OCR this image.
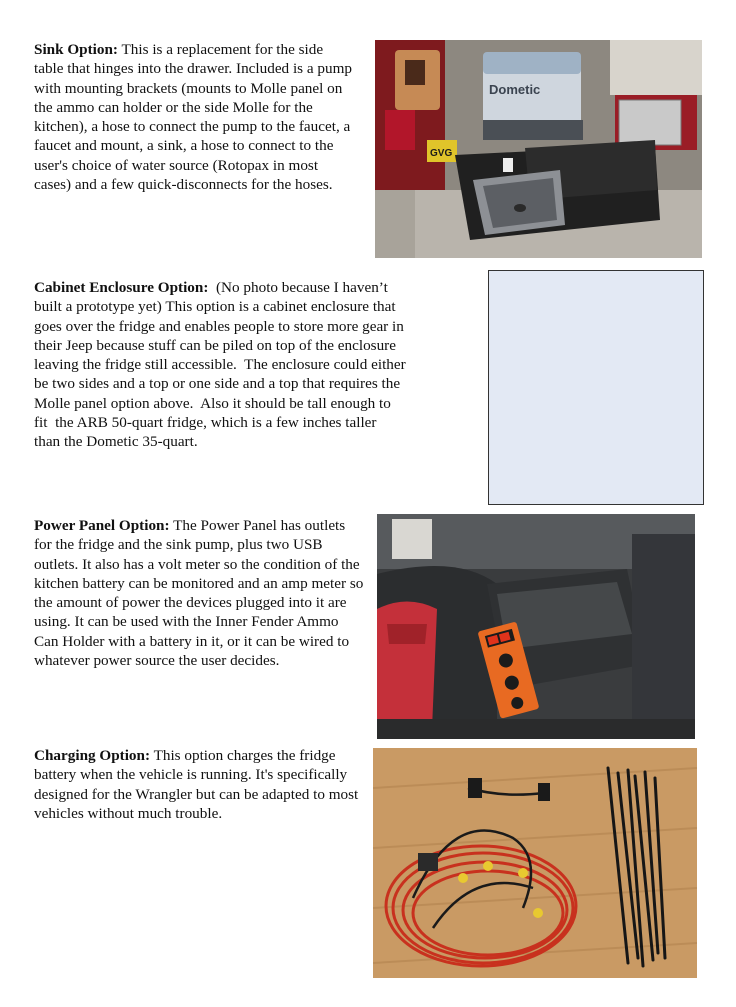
Sink Option: This is a replacement for the side table that hinges into the drawer. Included is a pump with mounting brackets (mounts to Molle panel on the ammo can holder or the side Molle for the kitchen), a hose to connect the pump to the faucet, a faucet and mount, a sink, a hose to connect to the user's choice of water source (Rotopax in most cases) and a few quick-disconnects for the hoses.

Cabinet Enclosure Option:  (No photo because I haven’t built a prototype yet) This option is a cabinet enclosure that goes over the fridge and enables people to store more gear in their Jeep because stuff can be piled on top of the enclosure leaving the fridge still accessible.  The enclosure could either be two sides and a top or one side and a top that requires the Molle panel option above.  Also it should be tall enough to fit  the ARB 50-quart fridge, which is a few inches taller than the Dometic 35-quart.

Power Panel Option: The Power Panel has outlets for the fridge and the sink pump, plus two USB outlets. It also has a volt meter so the condition of the kitchen battery can be monitored and an amp meter so the amount of power the devices plugged into it are using. It can be used with the Inner Fender Ammo Can Holder with a battery in it, or it can be wired to whatever power source the user decides.

Charging Option: This option charges the fridge battery when the vehicle is running. It's specifically designed for the Wrangler but can be adapted to most vehicles without much trouble.

GVG
Dometic
